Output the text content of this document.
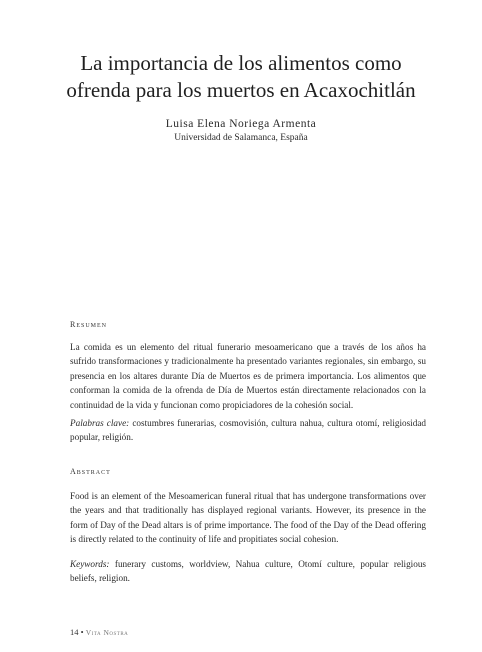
La importancia de los alimentos como
ofrenda para los muertos en Acaxochitlán
Luisa Elena Noriega Armenta
Universidad de Salamanca, España
Resumen
La comida es un elemento del ritual funerario mesoamericano que a través de los años ha sufrido transformaciones y tradicionalmente ha presentado variantes regionales, sin embargo, su presencia en los altares durante Día de Muertos es de primera importancia. Los alimentos que conforman la comida de la ofrenda de Día de Muertos están directamente relacionados con la continuidad de la vida y funcionan como propiciadores de la cohesión social.
Palabras clave: costumbres funerarias, cosmovisión, cultura nahua, cultura otomí, religiosidad popular, religión.
Abstract
Food is an element of the Mesoamerican funeral ritual that has undergone transformations over the years and that traditionally has displayed regional variants. However, its presence in the form of Day of the Dead altars is of prime importance. The food of the Day of the Dead offering is directly related to the continuity of life and propitiates social cohesion.
Keywords: funerary customs, worldview, Nahua culture, Otomí culture, popular religious beliefs, religion.
14 • Vita Nostra
